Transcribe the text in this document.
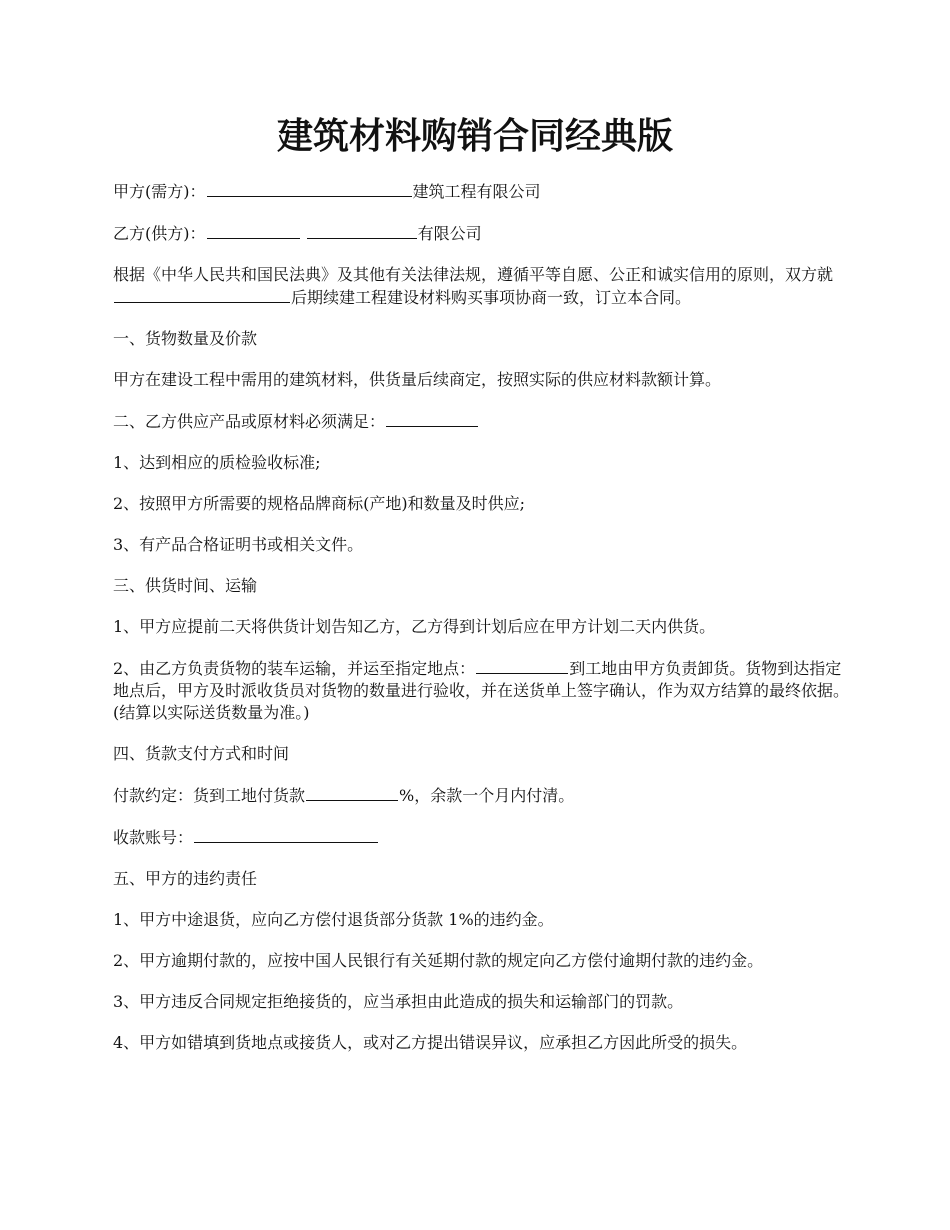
建筑材料购销合同经典版

甲方(需方)：	建筑工程有限公司

乙方(供方)：	有限公司

根据《中华人民共和国民法典》及其他有关法律法规，遵循平等自愿、公正和诚实信用的原则，双方就后期续建工程建设材料购买事项协商一致，订立本合同。

一、货物数量及价款

甲方在建设工程中需用的建筑材料，供货量后续商定，按照实际的供应材料款额计算。

二、乙方供应产品或原材料必须满足：

1、达到相应的质检验收标准;

2、按照甲方所需要的规格品牌商标(产地)和数量及时供应;

3、有产品合格证明书或相关文件。

三、供货时间、运输

1、甲方应提前二天将供货计划告知乙方，乙方得到计划后应在甲方计划二天内供货。

2、由乙方负责货物的装车运输，并运至指定地点：	到工地由甲方负责卸货。货物到达指定地点后，甲方及时派收货员对货物的数量进行验收，并在送货单上签字确认，作为双方结算的最终依据。(结算以实际送货数量为准。)

四、货款支付方式和时间

付款约定：货到工地付货款	%，余款一个月内付清。

收款账号：

五、甲方的违约责任

1、甲方中途退货，应向乙方偿付退货部分货款 1%的违约金。

2、甲方逾期付款的，应按中国人民银行有关延期付款的规定向乙方偿付逾期付款的违约金。

3、甲方违反合同规定拒绝接货的，应当承担由此造成的损失和运输部门的罚款。

4、甲方如错填到货地点或接货人，或对乙方提出错误异议，应承担乙方因此所受的损失。
